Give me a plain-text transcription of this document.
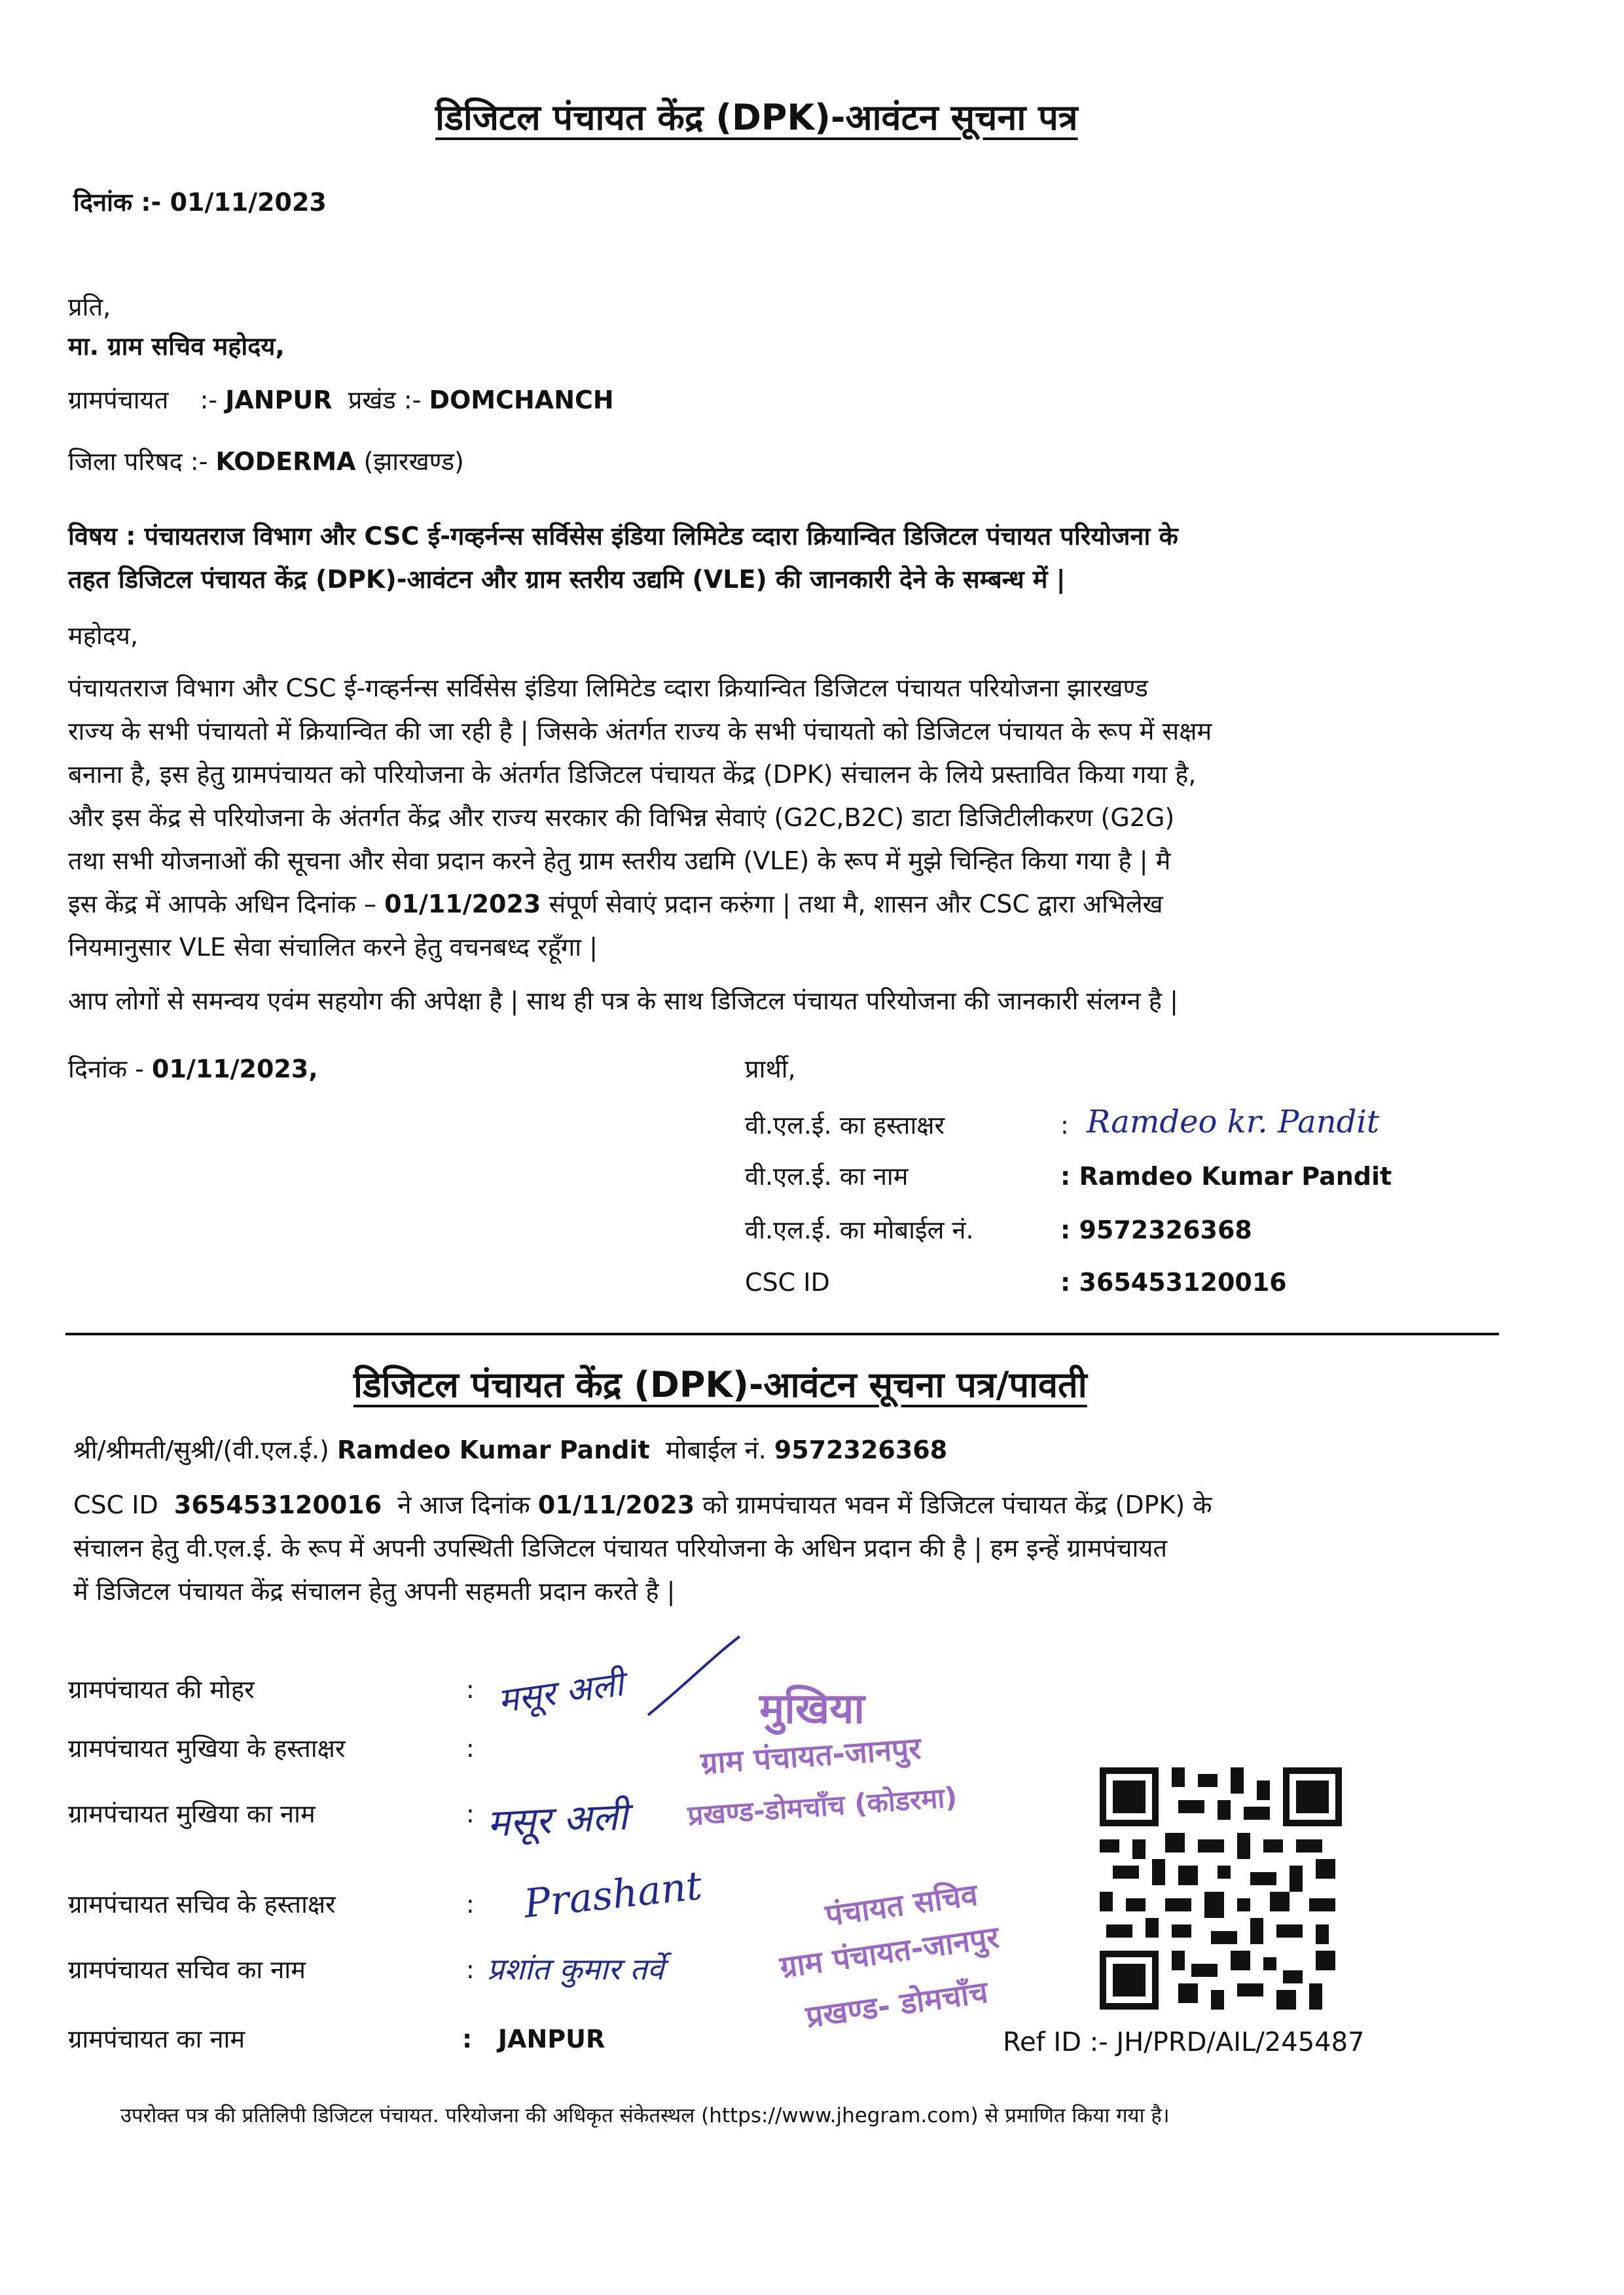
डिजिटल पंचायत केंद्र (DPK)-आवंटन सूचना पत्र
दिनांक :- 01/11/2023
प्रति,
मा. ग्राम सचिव महोदय,
ग्रामपंचायत :- JANPUR प्रखंड :- DOMCHANCH
जिला परिषद :- KODERMA (झारखण्ड)
विषय : पंचायतराज विभाग और CSC ई-गव्हर्नन्स सर्विसेस इंडिया लिमिटेड व्दारा क्रियान्वित डिजिटल पंचायत परियोजना के
तहत डिजिटल पंचायत केंद्र (DPK)-आवंटन और ग्राम स्तरीय उद्यमि (VLE) की जानकारी देने के सम्बन्ध में |
महोदय,
पंचायतराज विभाग और CSC ई-गव्हर्नन्स सर्विसेस इंडिया लिमिटेड व्दारा क्रियान्वित डिजिटल पंचायत परियोजना झारखण्ड
राज्य के सभी पंचायतो में क्रियान्वित की जा रही है | जिसके अंतर्गत राज्य के सभी पंचायतो को डिजिटल पंचायत के रूप में सक्षम
बनाना है, इस हेतु ग्रामपंचायत को परियोजना के अंतर्गत डिजिटल पंचायत केंद्र (DPK) संचालन के लिये प्रस्तावित किया गया है,
और इस केंद्र से परियोजना के अंतर्गत केंद्र और राज्य सरकार की विभिन्न सेवाएं (G2C,B2C) डाटा डिजिटीलीकरण (G2G)
तथा सभी योजनाओं की सूचना और सेवा प्रदान करने हेतु ग्राम स्तरीय उद्यमि (VLE) के रूप में मुझे चिन्हित किया गया है | मै
इस केंद्र में आपके अधिन दिनांक – 01/11/2023 संपूर्ण सेवाएं प्रदान करुंगा | तथा मै, शासन और CSC द्वारा अभिलेख
नियमानुसार VLE सेवा संचालित करने हेतु वचनबध्द रहूँगा |
आप लोगों से समन्वय एवंम सहयोग की अपेक्षा है | साथ ही पत्र के साथ डिजिटल पंचायत परियोजना की जानकारी संलग्न है |
दिनांक - 01/11/2023,	प्रार्थी,
वी.एल.ई. का हस्ताक्षर	: Ramdeo kr. Pandit
वी.एल.ई. का नाम	: Ramdeo Kumar Pandit
वी.एल.ई. का मोबाईल नं.	: 9572326368
CSC ID	: 365453120016
डिजिटल पंचायत केंद्र (DPK)-आवंटन सूचना पत्र/पावती
श्री/श्रीमती/सुश्री/(वी.एल.ई.) Ramdeo Kumar Pandit मोबाईल नं. 9572326368
CSC ID 365453120016 ने आज दिनांक 01/11/2023 को ग्रामपंचायत भवन में डिजिटल पंचायत केंद्र (DPK) के
संचालन हेतु वी.एल.ई. के रूप में अपनी उपस्थिती डिजिटल पंचायत परियोजना के अधिन प्रदान की है | हम इन्हें ग्रामपंचायत
में डिजिटल पंचायत केंद्र संचालन हेतु अपनी सहमती प्रदान करते है |
ग्रामपंचायत की मोहर	:
ग्रामपंचायत मुखिया के हस्ताक्षर	:
ग्रामपंचायत मुखिया का नाम	:
ग्रामपंचायत सचिव के हस्ताक्षर	:
ग्रामपंचायत सचिव का नाम	:
ग्रामपंचायत का नाम	: JANPUR
मसूर अली
मसूर अली
Prashant
प्रशांत कुमार तर्वे
मुखिया
ग्राम पंचायत-जानपुर
प्रखण्ड-डोमचाँच (कोडरमा)
पंचायत सचिव
ग्राम पंचायत-जानपुर
प्रखण्ड- डोमचाँच
Ref ID :- JH/PRD/AIL/245487
उपरोक्त पत्र की प्रतिलिपी डिजिटल पंचायत. परियोजना की अधिकृत संकेतस्थल (https://www.jhegram.com) से प्रमाणित किया गया है।
